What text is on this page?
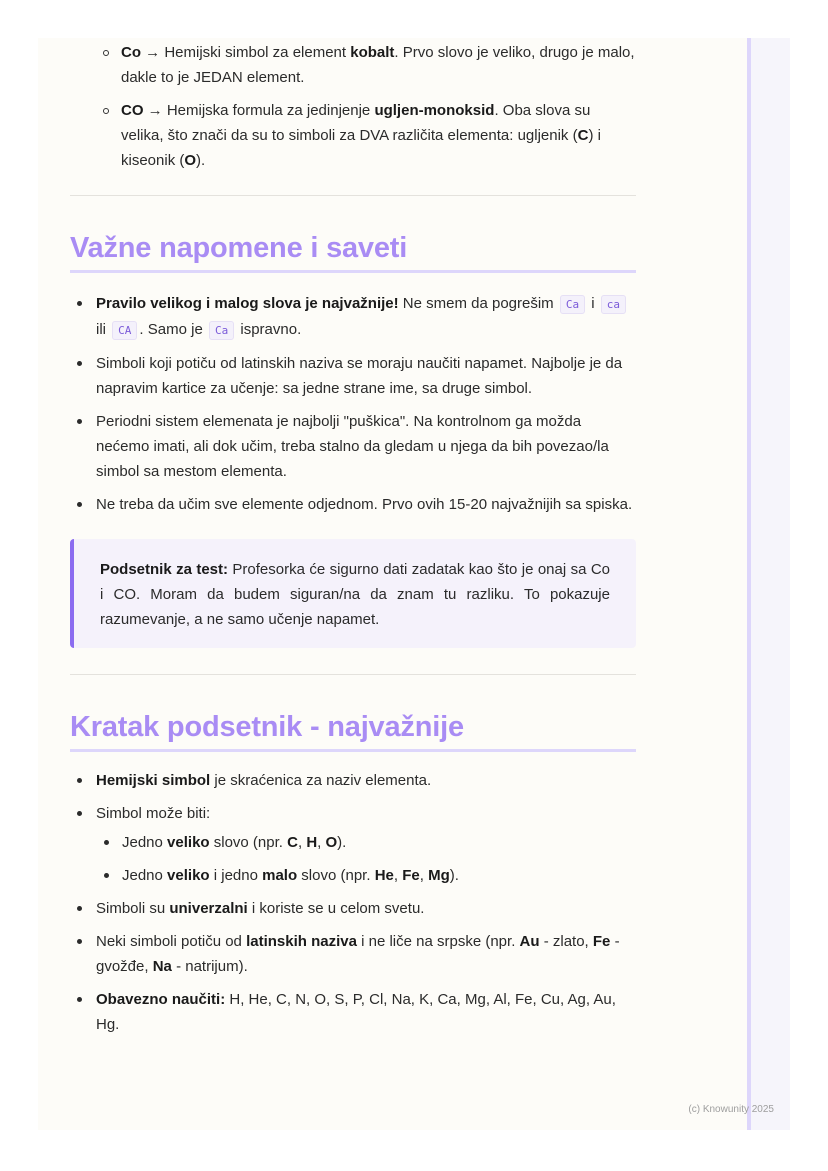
Co → Hemijski simbol za element kobalt. Prvo slovo je veliko, drugo je malo, dakle to je JEDAN element.
CO → Hemijska formula za jedinjenje ugljen-monoksid. Oba slova su velika, što znači da su to simboli za DVA različita elementa: ugljenik (C) i kiseonik (O).
Važne napomene i saveti
Pravilo velikog i malog slova je najvažnije! Ne smem da pogrešim Ca i ca ili CA . Samo je Ca ispravno.
Simboli koji potiču od latinskih naziva se moraju naučiti napamet. Najbolje je da napravim kartice za učenje: sa jedne strane ime, sa druge simbol.
Periodni sistem elemenata je najbolji "puškica". Na kontrolnom ga možda nećemo imati, ali dok učim, treba stalno da gledam u njega da bih povezao/la simbol sa mestom elementa.
Ne treba da učim sve elemente odjednom. Prvo ovih 15-20 najvažnijih sa spiska.
Podsetnik za test: Profesorka će sigurno dati zadatak kao što je onaj sa Co i CO. Moram da budem siguran/na da znam tu razliku. To pokazuje razumevanje, a ne samo učenje napamet.
Kratak podsetnik - najvažnije
Hemijski simbol je skraćenica za naziv elementa.
Simbol može biti:
Jedno veliko slovo (npr. C, H, O).
Jedno veliko i jedno malo slovo (npr. He, Fe, Mg).
Simboli su univerzalni i koriste se u celom svetu.
Neki simboli potiču od latinskih naziva i ne liče na srpske (npr. Au - zlato, Fe - gvožđe, Na - natrijum).
Obavezno naučiti: H, He, C, N, O, S, P, Cl, Na, K, Ca, Mg, Al, Fe, Cu, Ag, Au, Hg.
(c) Knowunity 2025
